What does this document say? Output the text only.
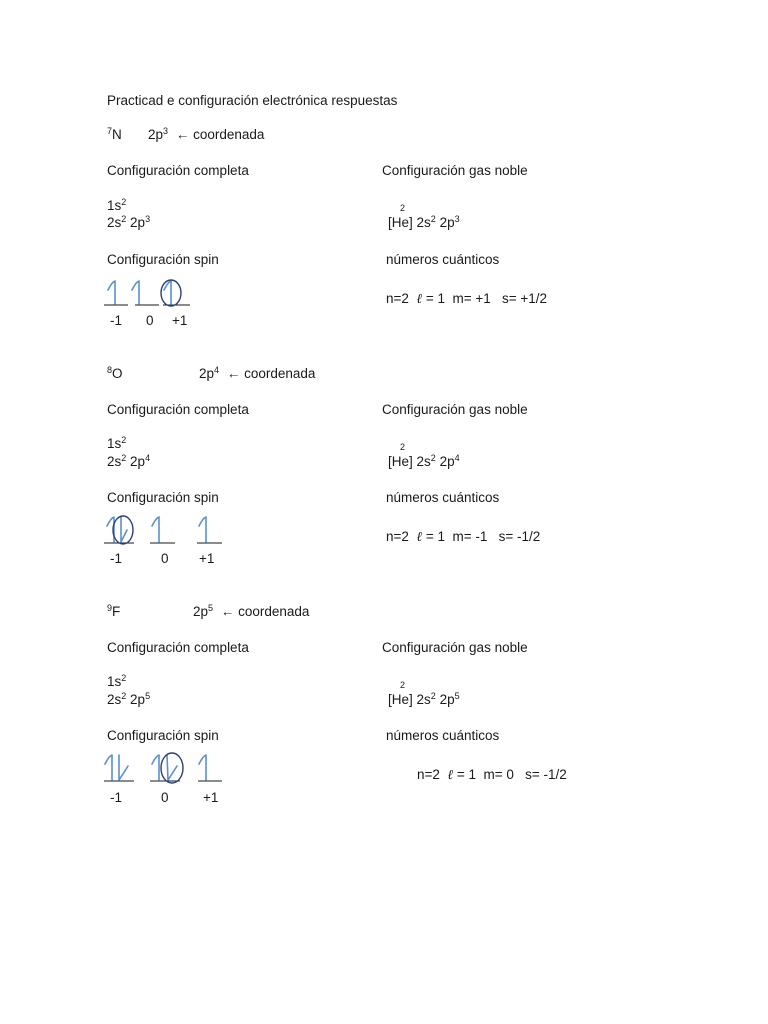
Practicad e configuración electrónica respuestas
$^7$N $2p^3$ ← coordenada
Configuración completa	Configuración gas noble
$1s^2$
$2s^2$ $2p^3$
2
[He] $2s^2$ $2p^3$
Configuración spin	números cuánticos
-1 0 +1
n=2 ℓ = 1 m= +1 s= +1/2
$^8$O	$2p^4$ ← coordenada
Configuración completa	Configuración gas noble
$1s^2$
$2s^2$ $2p^4$
2
[He] $2s^2$ $2p^4$
Configuración spin	números cuánticos
-1	0 +1
n=2 ℓ = 1 m= -1 s= -1/2
$^9$F	$2p^5$ ← coordenada
Configuración completa	Configuración gas noble
$1s^2$
$2s^2$ $2p^5$
2
[He] $2s^2$ $2p^5$
Configuración spin	números cuánticos
-1	0	+1
n=2 ℓ = 1 m= 0 s= -1/2
